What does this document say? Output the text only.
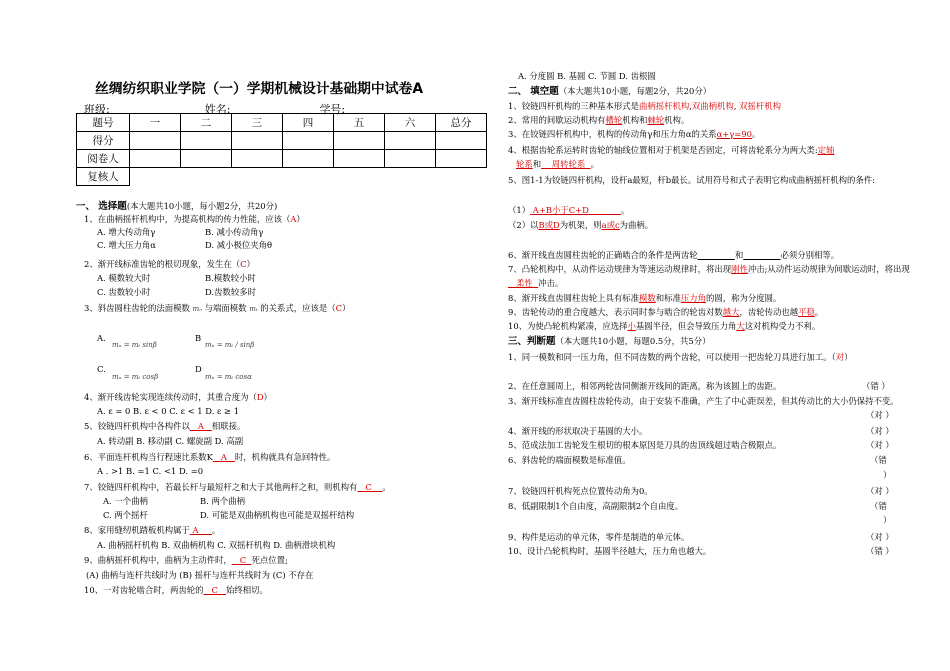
丝绸纺织职业学院（一）学期机械设计基础期中试卷A
班级:	姓名:	学号:
题号	一	二	三	四	五	六	总分
得分							
阅卷人							
复核人							
一、 选择题(本大题共10小题，每小题2分，共20分)
1、在曲柄摇杆机构中，为提高机构的传力性能，应该（A）
A. 增大传动角γ	B. 减小传动角γ
C. 增大压力角α	D. 减小极位夹角θ
2、渐开线标准齿轮的根切现象，发生在（C）
A. 模数较大时	B.模数较小时
C. 齿数较小时	D.齿数较多时
3、斜齿圆柱齿轮的法面模数 mₙ 与端面模数 mₜ 的关系式，应该是（C）
A.
mₙ = mₜ sinβ
B
mₙ = mₜ / sinβ
C.
mₙ = mₜ cosβ
D
mₙ = mₜ cosα
4、渐开线齿轮实现连续传动时，其重合度为（D）
A. ε = 0 B. ε < 0 C. ε < 1 D. ε ≥ 1
5、铰链四杆机构中各构件以 A 相联接。
A. 转动副 B. 移动副 C. 螺旋副 D. 高副
6、平面连杆机构当行程速比系数K A 时，机构就具有急回特性。
A . >1 B. =1 C. <1 D. =0
7、铰链四杆机构中，若最长杆与最短杆之和大于其他两杆之和，则机构有 C 。
A. 一个曲柄	B. 两个曲柄
C. 两个摇杆	D. 可能是双曲柄机构也可能是双摇杆结构
8、家用缝纫机踏板机构属于 A 。
A. 曲柄摇杆机构 B. 双曲柄机构 C. 双摇杆机构 D. 曲柄滑块机构
9、曲柄摇杆机构中，曲柄为主动件时， C 死点位置;
(A) 曲柄与连杆共线时为 (B) 摇杆与连杆共线时为 (C) 不存在
10、一对齿轮啮合时，两齿轮的 C 始终相切。
A. 分度圆 B. 基圆 C. 节圆 D. 齿根圆
二、 填空题（本大题共10小题，每题2分，共20分）
1、铰链四杆机构的三种基本形式是曲柄摇杆机构,双曲柄机构, 双摇杆机构
2、常用的间歇运动机构有槽轮机构和棘轮机构。
3、在铰链四杆机构中，机构的传动角γ和压力角α的关系α+γ=90。
4、根据齿轮系运转时齿轮的轴线位置相对于机架是否固定，可将齿轮系分为两大类:定轴
轮系和 周转轮系 。
5、图1-1为铰链四杆机构，设杆a最短，杆b最长。试用符号和式子表明它构成曲柄摇杆机构的条件:
（1） A+B小于C+D	。
（2）以B或D为机架，则a或c为曲柄。
6、渐开线直齿圆柱齿轮的正确啮合的条件是两齿轮	和	必须分别相等。
7、凸轮机构中，从动件运动规律为等速运动规律时，将出现刚性冲击;从动件运动规律为间歇运动时，将出现
柔性 冲击。
8、渐开线直齿圆柱齿轮上具有标准模数和标准压力角的圆，称为分度圆。
9、齿轮传动的重合度越大，表示同时参与啮合的轮齿对数越大，齿轮传动也越平稳。
10、为使凸轮机构紧凑，应选择小基圆半径，但会导致压力角大这对机构受力不利。
三、判断题（本大题共10小题，每题0.5分，共5分）
1、同一模数和同一压力角，但不同齿数的两个齿轮，可以使用一把齿轮刀具进行加工。（对）
2、在任意圆周上，相邻两轮齿同侧渐开线间的距离，称为该圆上的齿距。	（错 ）
3、渐开线标准直齿圆柱齿轮传动，由于安装不准确，产生了中心距误差，但其传动比的大小仍保持不变。
（对 ）
4、渐开线的形状取决于基圆的大小。	（对 ）
5、范成法加工齿轮发生根切的根本原因是刀具的齿顶线超过啮合极限点。	（对 ）
6、斜齿轮的端面模数是标准值。	（错
）
7、铰链四杆机构死点位置传动角为0。	（对 ）
8、低副限制1个自由度，高副限制2个自由度。	（错
）
9、构件是运动的单元体，零件是制造的单元体。	（对 ）
10、设计凸轮机构时，基圆半径越大，压力角也越大。	（错 ）
